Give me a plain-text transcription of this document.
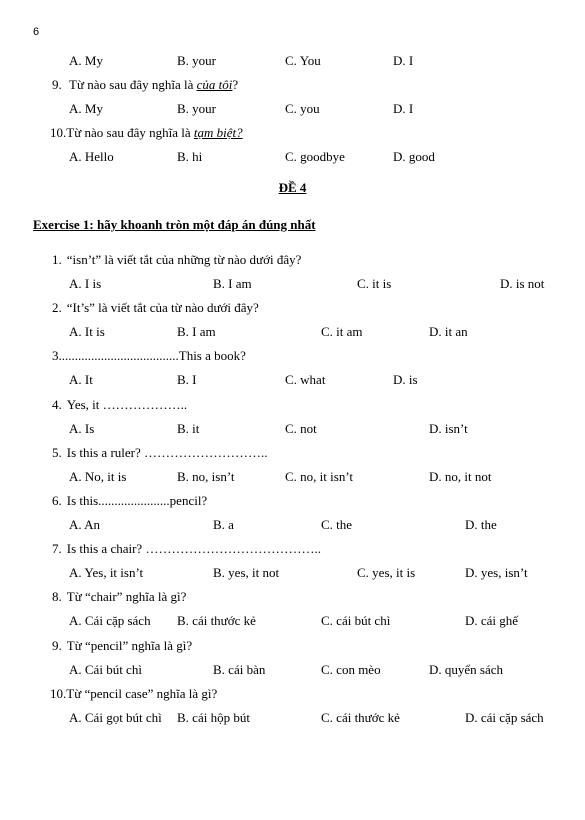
6
A. My	B. your	C. You	D. I
9. Từ nào sau đây nghĩa là của tôi?
A. My	B. your	C. you	D. I
10.Từ nào sau đây nghĩa là tạm biệt?
A. Hello	B. hi	C. goodbye	D. good
ĐỀ 4
Exercise 1: hãy khoanh tròn một đáp án đúng nhất
1. “isn’t” là viết tắt của những từ nào dưới đây?
A. I is	B. I am	C. it is	D. is not
2. “It’s” là viết tắt của từ nào dưới đây?
A. It is	B. I am	C. it am	D. it an
3.....................................This a book?
A. It	B. I	C. what	D. is
4. Yes, it ………………..
A. Is	B. it	C. not	D. isn’t
5. Is this a ruler? ………………………..
A. No, it is	B. no, isn’t	C. no, it isn’t	D. no, it not
6. Is this......................pencil?
A. An	B. a	C. the	D. the
7. Is this a chair? …………………………………..
A. Yes, it isn’t	B. yes, it not	C. yes, it is	D. yes, isn’t
8. Từ “chair” nghĩa là gì?
A. Cái cặp sách B. cái thước kẻ	C. cái bút chì	D. cái ghế
9. Từ “pencil” nghĩa là gì?
A. Cái bút chì	B. cái bàn	C. con mèo	D. quyển sách
10.Từ “pencil case” nghĩa là gì?
A. Cái gọt bút chì B. cái hộp bút	C. cái thước kẻ	D. cái cặp sách
